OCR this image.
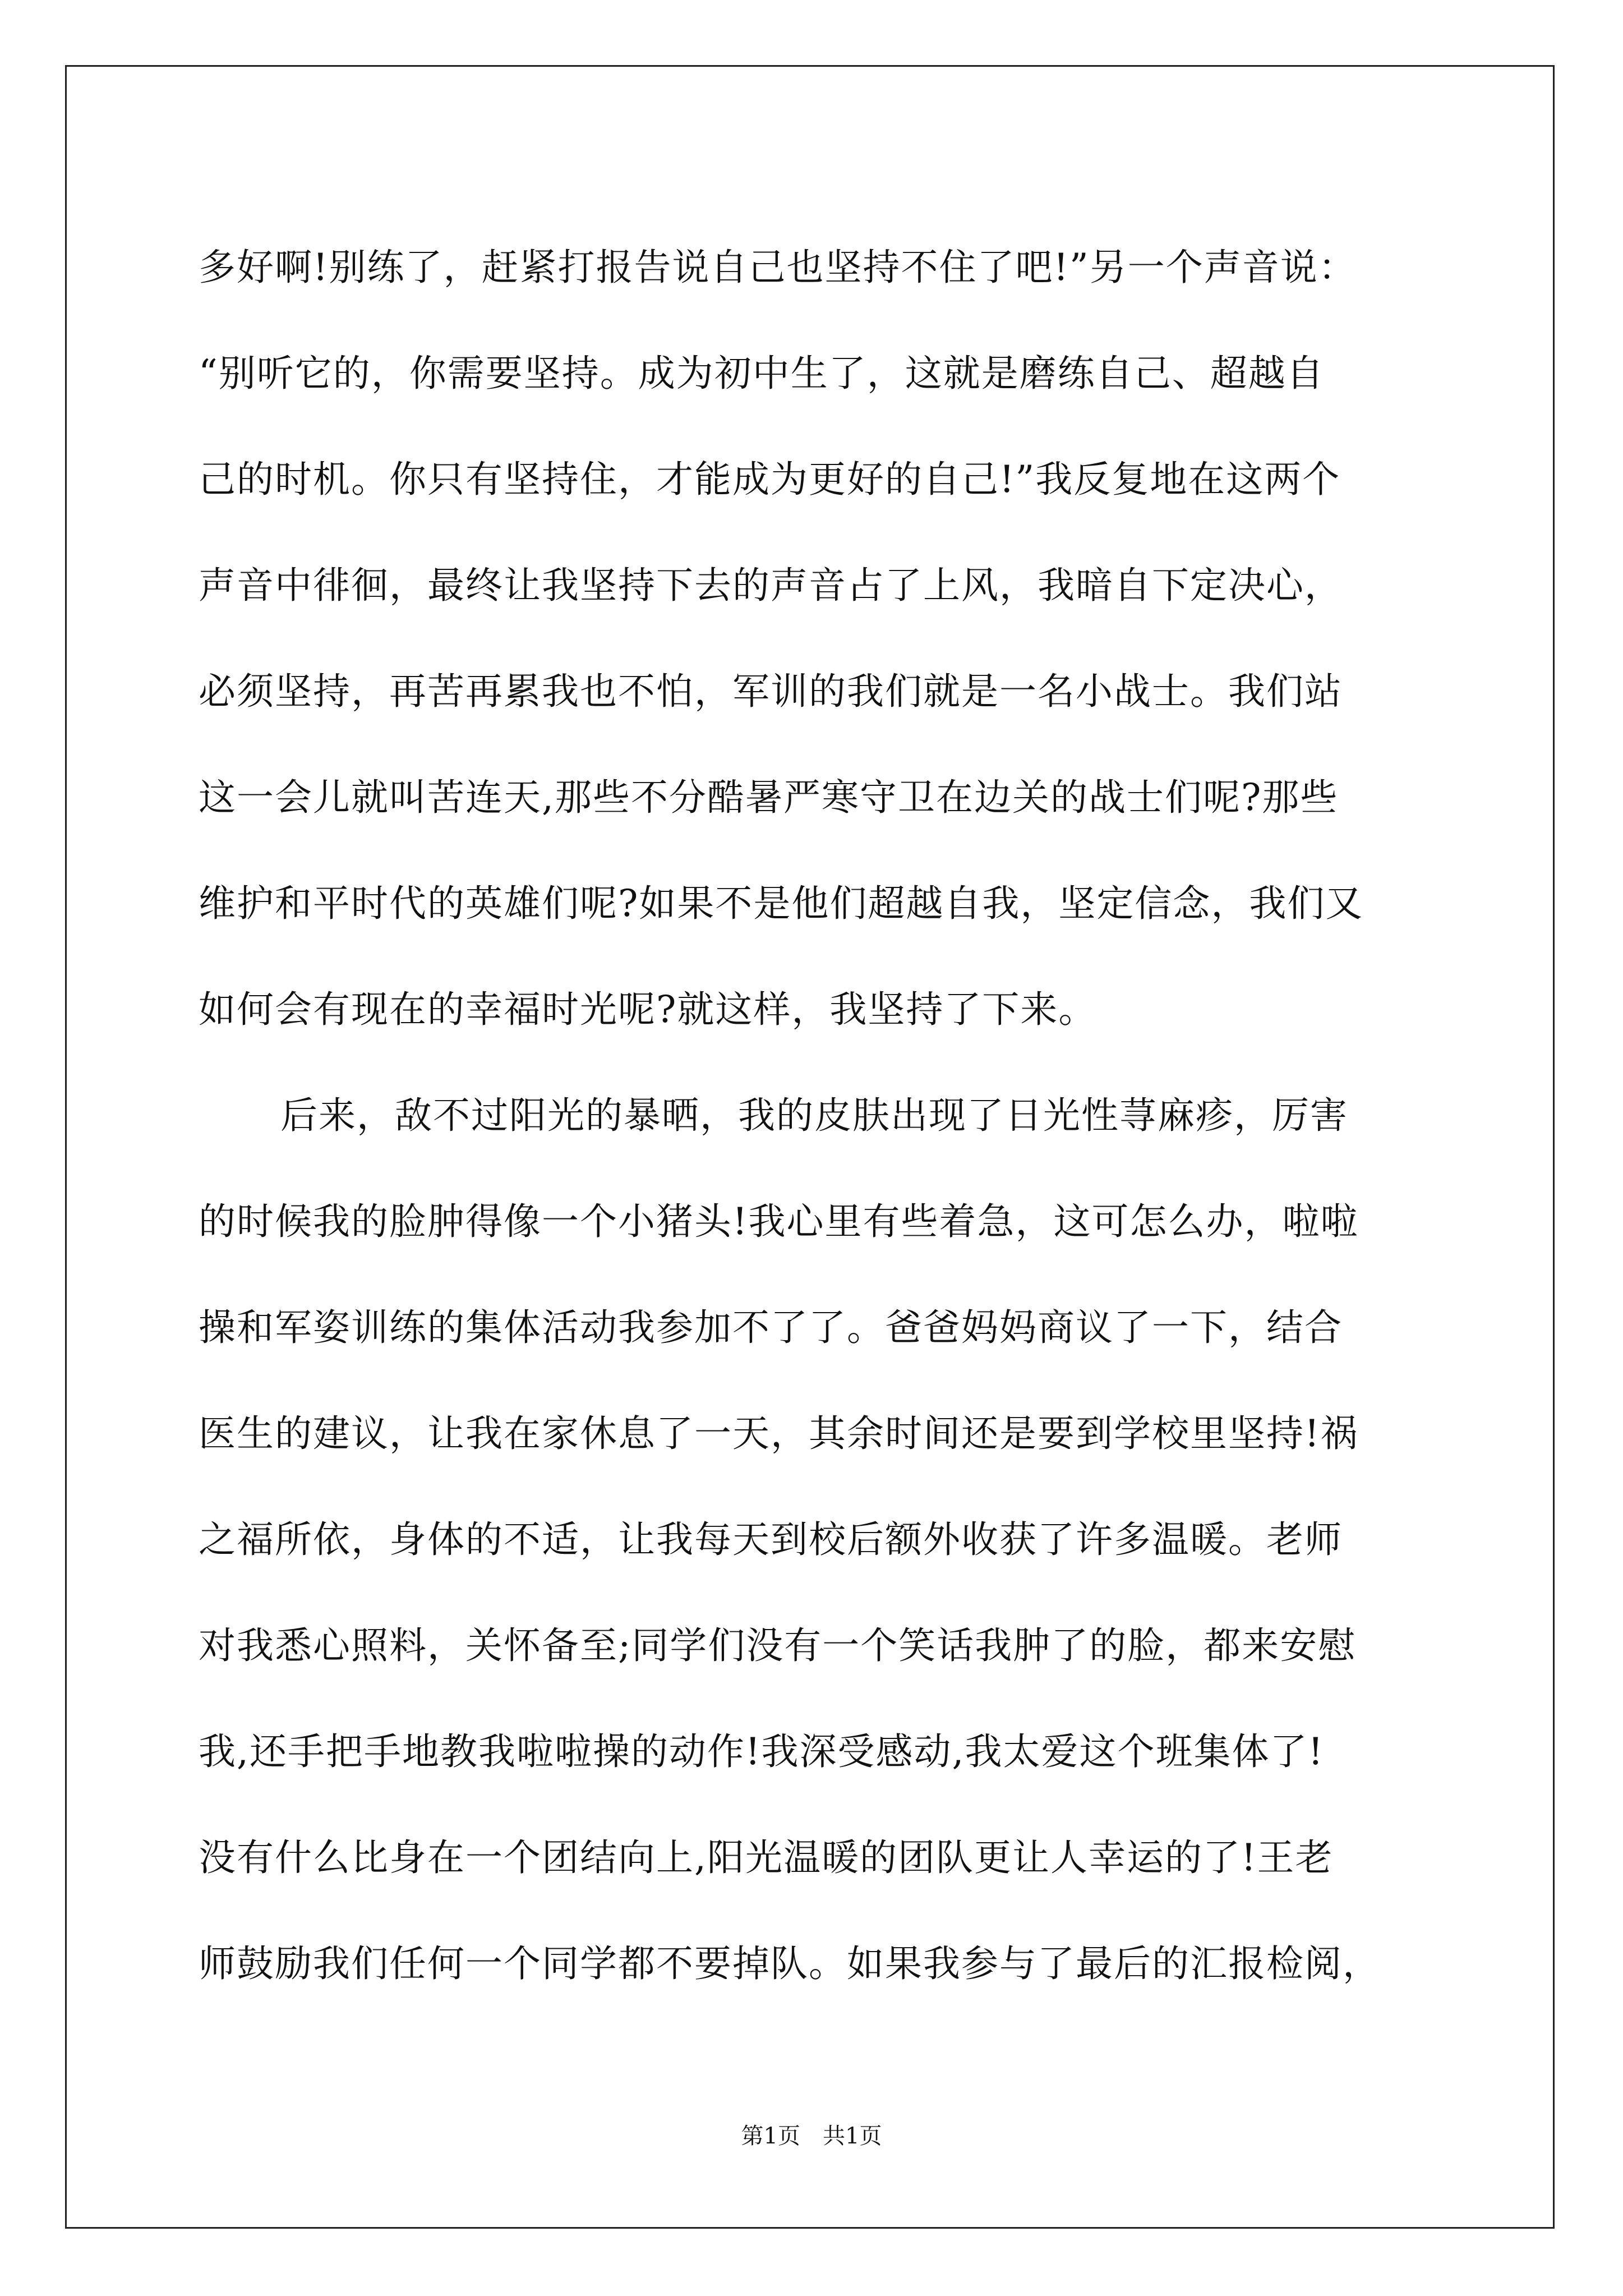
多好啊!别练了，赶紧打报告说自己也坚持不住了吧!”另一个声音说：
“别听它的，你需要坚持。成为初中生了，这就是磨练自己、超越自
己的时机。你只有坚持住，才能成为更好的自己!”我反复地在这两个
声音中徘徊，最终让我坚持下去的声音占了上风，我暗自下定决心，
必须坚持，再苦再累我也不怕，军训的我们就是一名小战士。我们站
这一会儿就叫苦连天,那些不分酷暑严寒守卫在边关的战士们呢?那些
维护和平时代的英雄们呢?如果不是他们超越自我，坚定信念，我们又
如何会有现在的幸福时光呢?就这样，我坚持了下来。
后来，敌不过阳光的暴晒，我的皮肤出现了日光性荨麻疹，厉害
的时候我的脸肿得像一个小猪头!我心里有些着急，这可怎么办，啦啦
操和军姿训练的集体活动我参加不了了。爸爸妈妈商议了一下，结合
医生的建议，让我在家休息了一天，其余时间还是要到学校里坚持!祸
之福所依，身体的不适，让我每天到校后额外收获了许多温暖。老师
对我悉心照料，关怀备至;同学们没有一个笑话我肿了的脸，都来安慰
我,还手把手地教我啦啦操的动作!我深受感动,我太爱这个班集体了!
没有什么比身在一个团结向上,阳光温暖的团队更让人幸运的了!王老
师鼓励我们任何一个同学都不要掉队。如果我参与了最后的汇报检阅，
第1页　共1页
